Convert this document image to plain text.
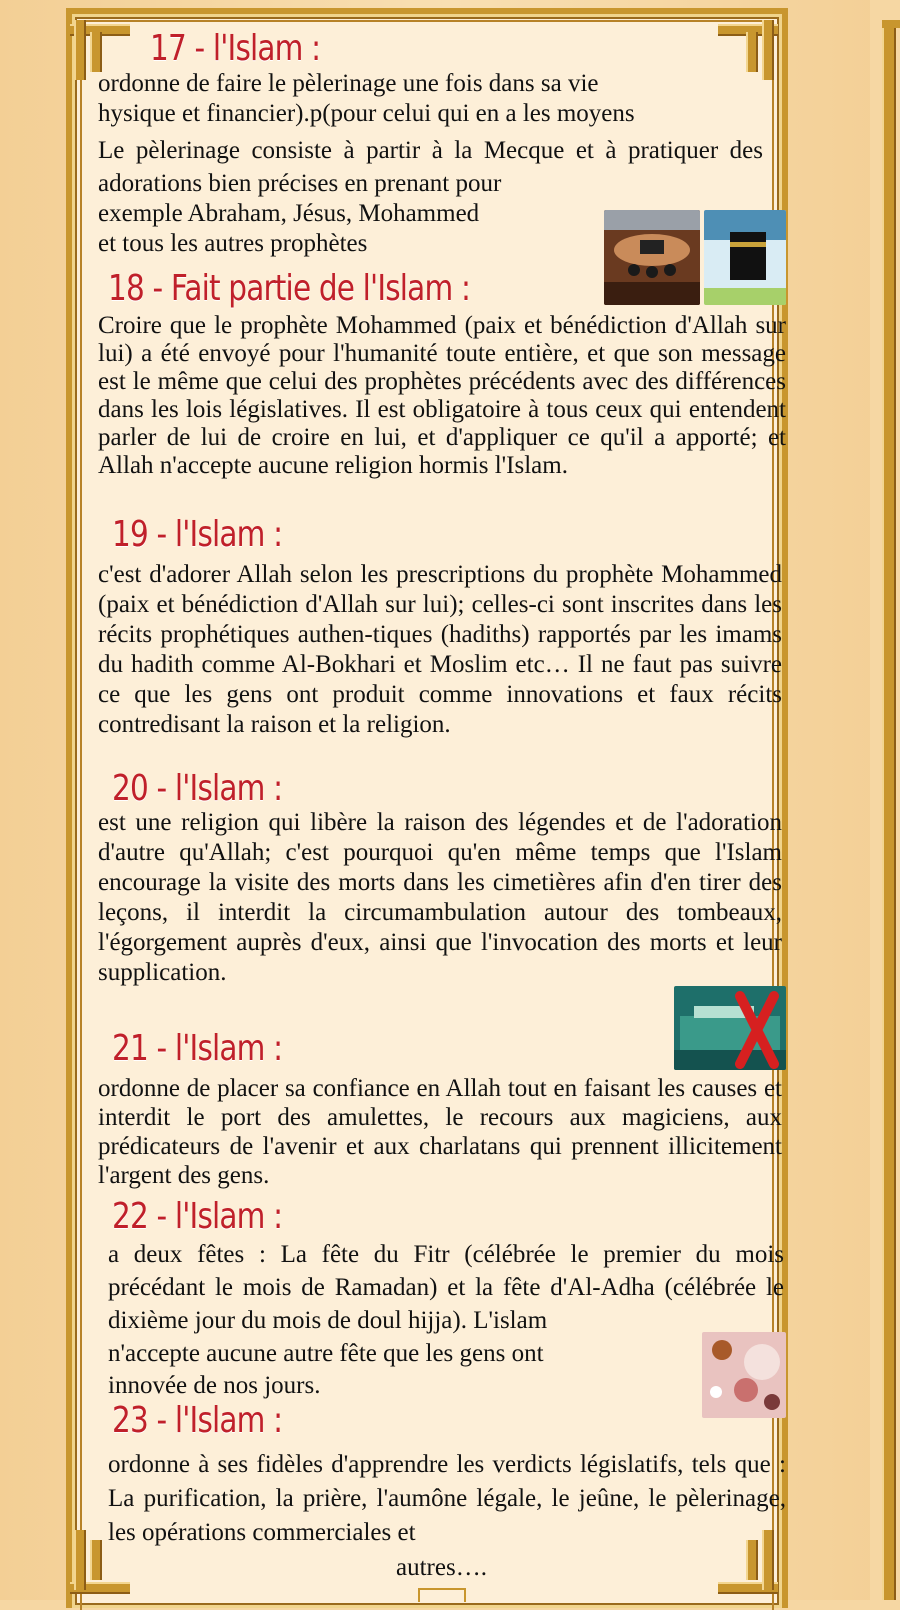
17 - l'Islam :
ordonne de faire le pèlerinage une fois dans sa vie
hysique et financier).p(pour celui qui en a les moyens
Le pèlerinage consiste à partir à la Mecque et à pratiquer des adorations bien précises en prenant pour
exemple Abraham, Jésus, Mohammed
et tous les autres prophètes
18 - Fait partie de l'Islam :
Croire que le prophète Mohammed (paix et bénédiction d'Allah sur lui) a été envoyé pour l'humanité toute entière, et que son message est le même que celui des prophètes précédents avec des différences dans les lois législatives. Il est obligatoire à tous ceux qui entendent parler de lui de croire en lui, et d'appliquer ce qu'il a apporté; et Allah n'accepte aucune religion hormis l'Islam.
19 - l'Islam :
c'est d'adorer Allah selon les prescriptions du prophète Mohammed (paix et bénédiction d'Allah sur lui); celles-ci sont inscrites dans les récits prophétiques authen-tiques (hadiths) rapportés par les imams du hadith comme Al-Bokhari et Moslim etc… Il ne faut pas suivre ce que les gens ont produit comme innovations et faux récits contredisant la raison et la religion.
20 - l'Islam :
est une religion qui libère la raison des légendes et de l'adoration d'autre qu'Allah; c'est pourquoi qu'en même temps que l'Islam encourage la visite des morts dans les cimetières afin d'en tirer des leçons, il interdit la circumambulation autour des tombeaux, l'égorgement auprès d'eux, ainsi que l'invocation des morts et leur supplication.
21 - l'Islam :
ordonne de placer sa confiance en Allah tout en faisant les causes et interdit le port des amulettes, le recours aux magiciens, aux prédicateurs de l'avenir et aux charlatans qui prennent illicitement l'argent des gens.
22 - l'Islam :
a deux fêtes : La fête du Fitr (célébrée le premier du mois précédant le mois de Ramadan) et la fête d'Al-Adha (célébrée le dixième jour du mois de doul hijja). L'islam
n'accepte aucune autre fête que les gens ont
innovée de nos jours.
23 - l'Islam :
ordonne à ses fidèles d'apprendre les verdicts législatifs, tels que : La purification, la prière, l'aumône légale, le jeûne, le pèlerinage, les opérations commerciales et
autres….
